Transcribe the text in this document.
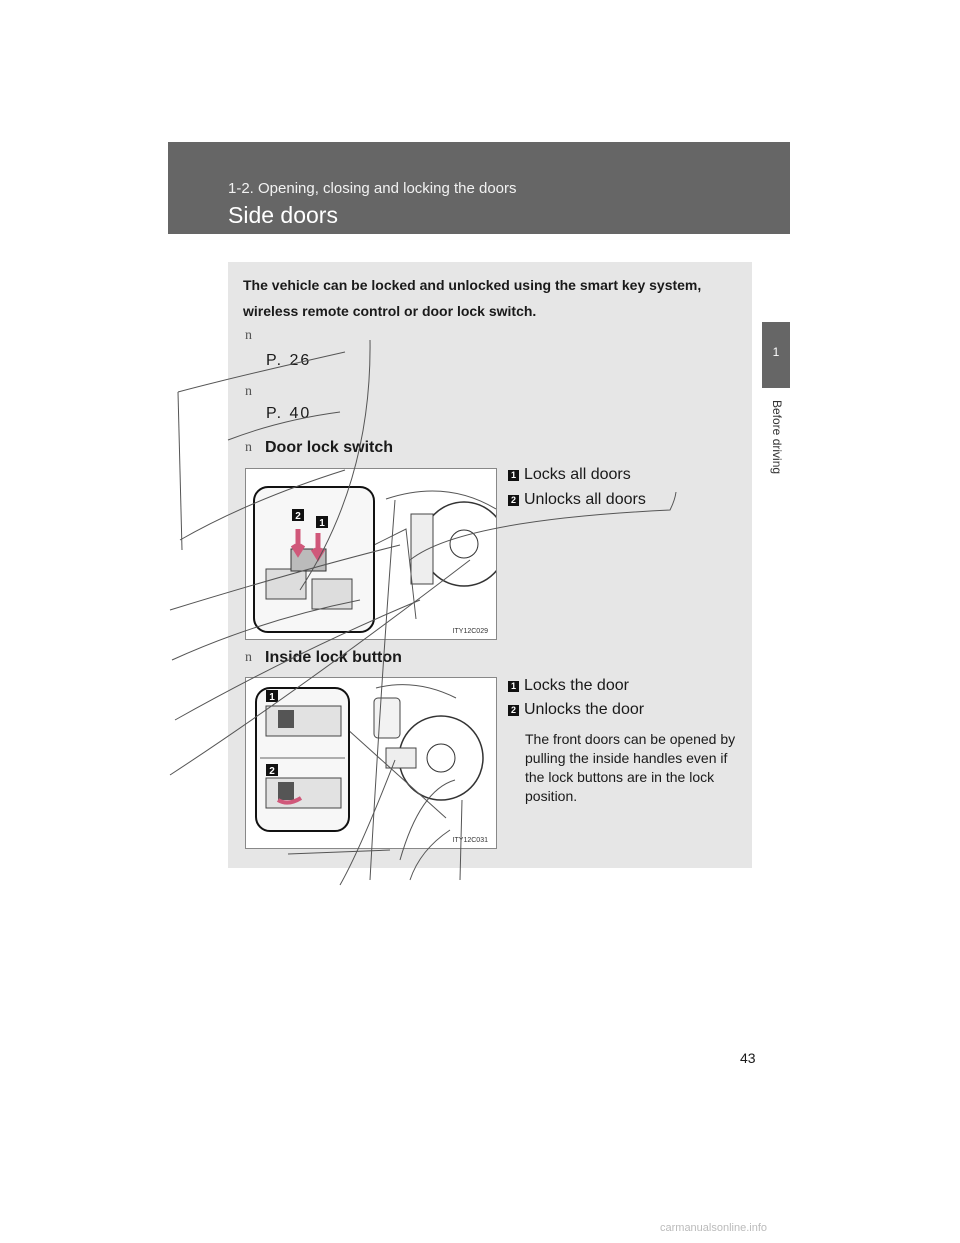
1-2. Opening, closing and locking the doors
Side doors
1
Before driving
The vehicle can be locked and unlocked using the smart key system, wireless remote control or door lock switch.
n
P. 26
n
P. 40
n Door lock switch
2
1
ITY12C029
1 Locks all doors
2 Unlocks all doors
n Inside lock button
1
2
ITY12C031
1 Locks the door
2 Unlocks the door
The front doors can be opened by pulling the inside handles even if the lock buttons are in the lock position.
43
carmanualsonline.info
